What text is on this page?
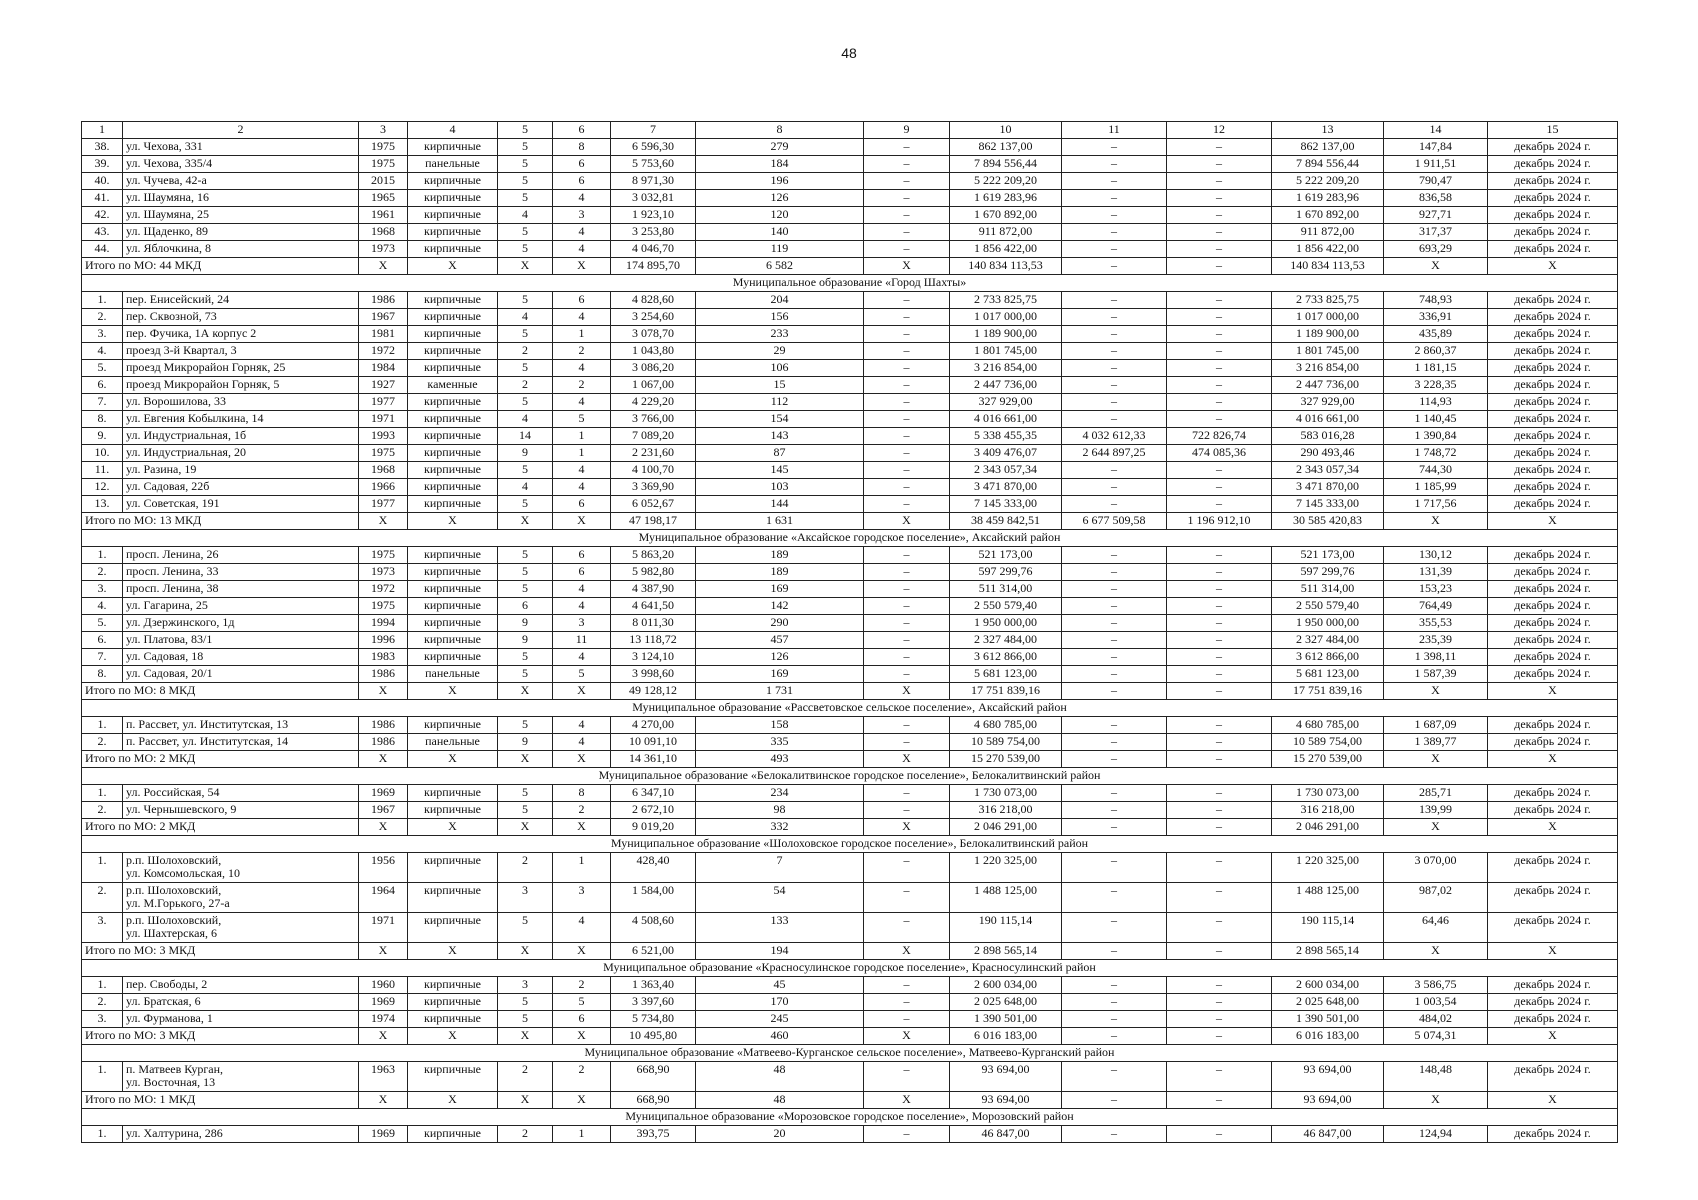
48
1	2	3	4	5	6	7	8	9	10	11	12	13	14	15
38.	ул. Чехова, 331	1975	кирпичные	5	8	6 596,30	279	–	862 137,00	–	–	862 137,00	147,84	декабрь 2024 г.
39.	ул. Чехова, 335/4	1975	панельные	5	6	5 753,60	184	–	7 894 556,44	–	–	7 894 556,44	1 911,51	декабрь 2024 г.
40.	ул. Чучева, 42-а	2015	кирпичные	5	6	8 971,30	196	–	5 222 209,20	–	–	5 222 209,20	790,47	декабрь 2024 г.
41.	ул. Шаумяна, 16	1965	кирпичные	5	4	3 032,81	126	–	1 619 283,96	–	–	1 619 283,96	836,58	декабрь 2024 г.
42.	ул. Шаумяна, 25	1961	кирпичные	4	3	1 923,10	120	–	1 670 892,00	–	–	1 670 892,00	927,71	декабрь 2024 г.
43.	ул. Щаденко, 89	1968	кирпичные	5	4	3 253,80	140	–	911 872,00	–	–	911 872,00	317,37	декабрь 2024 г.
44.	ул. Яблочкина, 8	1973	кирпичные	5	4	4 046,70	119	–	1 856 422,00	–	–	1 856 422,00	693,29	декабрь 2024 г.
Итого по МО: 44 МКД		Х	Х	Х	Х	174 895,70	6 582	Х	140 834 113,53	–	–	140 834 113,53	Х	Х
Муниципальное образование «Город Шахты»														
1.	пер. Енисейский, 24	1986	кирпичные	5	6	4 828,60	204	–	2 733 825,75	–	–	2 733 825,75	748,93	декабрь 2024 г.
2.	пер. Сквозной, 73	1967	кирпичные	4	4	3 254,60	156	–	1 017 000,00	–	–	1 017 000,00	336,91	декабрь 2024 г.
3.	пер. Фучика, 1А корпус 2	1981	кирпичные	5	1	3 078,70	233	–	1 189 900,00	–	–	1 189 900,00	435,89	декабрь 2024 г.
4.	проезд 3-й Квартал, 3	1972	кирпичные	2	2	1 043,80	29	–	1 801 745,00	–	–	1 801 745,00	2 860,37	декабрь 2024 г.
5.	проезд Микрорайон Горняк, 25	1984	кирпичные	5	4	3 086,20	106	–	3 216 854,00	–	–	3 216 854,00	1 181,15	декабрь 2024 г.
6.	проезд Микрорайон Горняк, 5	1927	каменные	2	2	1 067,00	15	–	2 447 736,00	–	–	2 447 736,00	3 228,35	декабрь 2024 г.
7.	ул. Ворошилова, 33	1977	кирпичные	5	4	4 229,20	112	–	327 929,00	–	–	327 929,00	114,93	декабрь 2024 г.
8.	ул. Евгения Кобылкина, 14	1971	кирпичные	4	5	3 766,00	154	–	4 016 661,00	–	–	4 016 661,00	1 140,45	декабрь 2024 г.
9.	ул. Индустриальная, 1б	1993	кирпичные	14	1	7 089,20	143	–	5 338 455,35	4 032 612,33	722 826,74	583 016,28	1 390,84	декабрь 2024 г.
10.	ул. Индустриальная, 20	1975	кирпичные	9	1	2 231,60	87	–	3 409 476,07	2 644 897,25	474 085,36	290 493,46	1 748,72	декабрь 2024 г.
11.	ул. Разина, 19	1968	кирпичные	5	4	4 100,70	145	–	2 343 057,34	–	–	2 343 057,34	744,30	декабрь 2024 г.
12.	ул. Садовая, 22б	1966	кирпичные	4	4	3 369,90	103	–	3 471 870,00	–	–	3 471 870,00	1 185,99	декабрь 2024 г.
13.	ул. Советская, 191	1977	кирпичные	5	6	6 052,67	144	–	7 145 333,00	–	–	7 145 333,00	1 717,56	декабрь 2024 г.
Итого по МО: 13 МКД		Х	Х	Х	Х	47 198,17	1 631	Х	38 459 842,51	6 677 509,58	1 196 912,10	30 585 420,83	Х	Х
Муниципальное образование «Аксайское городское поселение», Аксайский район														
1.	просп. Ленина, 26	1975	кирпичные	5	6	5 863,20	189	–	521 173,00	–	–	521 173,00	130,12	декабрь 2024 г.
2.	просп. Ленина, 33	1973	кирпичные	5	6	5 982,80	189	–	597 299,76	–	–	597 299,76	131,39	декабрь 2024 г.
3.	просп. Ленина, 38	1972	кирпичные	5	4	4 387,90	169	–	511 314,00	–	–	511 314,00	153,23	декабрь 2024 г.
4.	ул. Гагарина, 25	1975	кирпичные	6	4	4 641,50	142	–	2 550 579,40	–	–	2 550 579,40	764,49	декабрь 2024 г.
5.	ул. Дзержинского, 1д	1994	кирпичные	9	3	8 011,30	290	–	1 950 000,00	–	–	1 950 000,00	355,53	декабрь 2024 г.
6.	ул. Платова, 83/1	1996	кирпичные	9	11	13 118,72	457	–	2 327 484,00	–	–	2 327 484,00	235,39	декабрь 2024 г.
7.	ул. Садовая, 18	1983	кирпичные	5	4	3 124,10	126	–	3 612 866,00	–	–	3 612 866,00	1 398,11	декабрь 2024 г.
8.	ул. Садовая, 20/1	1986	панельные	5	5	3 998,60	169	–	5 681 123,00	–	–	5 681 123,00	1 587,39	декабрь 2024 г.
Итого по МО: 8 МКД		Х	Х	Х	Х	49 128,12	1 731	Х	17 751 839,16	–	–	17 751 839,16	Х	Х
Муниципальное образование «Рассветовское сельское поселение», Аксайский район														
1.	п. Рассвет, ул. Институтская, 13	1986	кирпичные	5	4	4 270,00	158	–	4 680 785,00	–	–	4 680 785,00	1 687,09	декабрь 2024 г.
2.	п. Рассвет, ул. Институтская, 14	1986	панельные	9	4	10 091,10	335	–	10 589 754,00	–	–	10 589 754,00	1 389,77	декабрь 2024 г.
Итого по МО: 2 МКД		Х	Х	Х	Х	14 361,10	493	Х	15 270 539,00	–	–	15 270 539,00	Х	Х
Муниципальное образование «Белокалитвинское городское поселение», Белокалитвинский район														
1.	ул. Российская, 54	1969	кирпичные	5	8	6 347,10	234	–	1 730 073,00	–	–	1 730 073,00	285,71	декабрь 2024 г.
2.	ул. Чернышевского, 9	1967	кирпичные	5	2	2 672,10	98	–	316 218,00	–	–	316 218,00	139,99	декабрь 2024 г.
Итого по МО: 2 МКД		Х	Х	Х	Х	9 019,20	332	Х	2 046 291,00	–	–	2 046 291,00	Х	Х
Муниципальное образование «Шолоховское городское поселение», Белокалитвинский район														
1.	р.п. Шолоховский,
ул. Комсомольская, 10	1956	кирпичные	2	1	428,40	7	–	1 220 325,00	–	–	1 220 325,00	3 070,00	декабрь 2024 г.
2.	р.п. Шолоховский,
ул. М.Горького, 27-а	1964	кирпичные	3	3	1 584,00	54	–	1 488 125,00	–	–	1 488 125,00	987,02	декабрь 2024 г.
3.	р.п. Шолоховский,
ул. Шахтерская, 6	1971	кирпичные	5	4	4 508,60	133	–	190 115,14	–	–	190 115,14	64,46	декабрь 2024 г.
Итого по МО: 3 МКД		Х	Х	Х	Х	6 521,00	194	Х	2 898 565,14	–	–	2 898 565,14	Х	Х
Муниципальное образование «Красносулинское городское поселение», Красносулинский район														
1.	пер. Свободы, 2	1960	кирпичные	3	2	1 363,40	45	–	2 600 034,00	–	–	2 600 034,00	3 586,75	декабрь 2024 г.
2.	ул. Братская, 6	1969	кирпичные	5	5	3 397,60	170	–	2 025 648,00	–	–	2 025 648,00	1 003,54	декабрь 2024 г.
3.	ул. Фурманова, 1	1974	кирпичные	5	6	5 734,80	245	–	1 390 501,00	–	–	1 390 501,00	484,02	декабрь 2024 г.
Итого по МО: 3 МКД		Х	Х	Х	Х	10 495,80	460	Х	6 016 183,00	–	–	6 016 183,00	5 074,31	Х
Муниципальное образование «Матвеево-Курганское сельское поселение», Матвеево-Курганский район														
1.	п. Матвеев Курган,
ул. Восточная, 13	1963	кирпичные	2	2	668,90	48	–	93 694,00	–	–	93 694,00	148,48	декабрь 2024 г.
Итого по МО: 1 МКД		Х	Х	Х	Х	668,90	48	Х	93 694,00	–	–	93 694,00	Х	Х
Муниципальное образование «Морозовское городское поселение», Морозовский район														
1.	ул. Халтурина, 286	1969	кирпичные	2	1	393,75	20	–	46 847,00	–	–	46 847,00	124,94	декабрь 2024 г.
